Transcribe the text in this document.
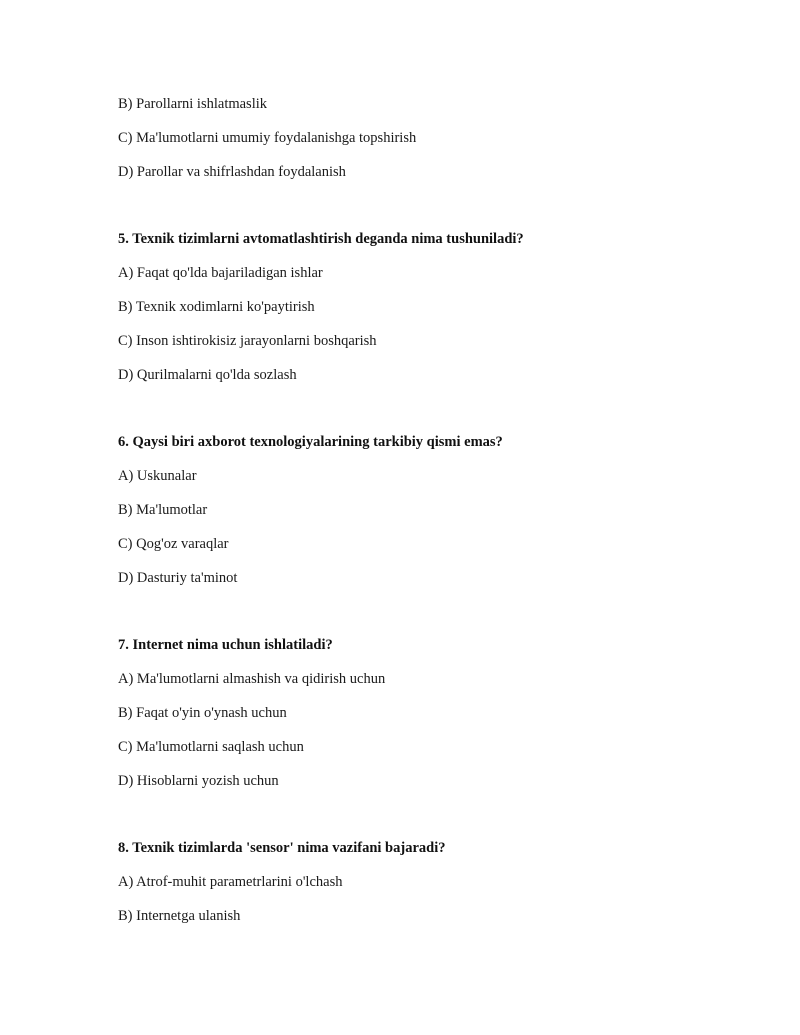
B) Parollarni ishlatmaslik
C) Ma'lumotlarni umumiy foydalanishga topshirish
D) Parollar va shifrlashdan foydalanish
5. Texnik tizimlarni avtomatlashtirish deganda nima tushuniladi?
A) Faqat qo'lda bajariladigan ishlar
B) Texnik xodimlarni ko'paytirish
C) Inson ishtirokisiz jarayonlarni boshqarish
D) Qurilmalarni qo'lda sozlash
6. Qaysi biri axborot texnologiyalarining tarkibiy qismi emas?
A) Uskunalar
B) Ma'lumotlar
C) Qog'oz varaqlar
D) Dasturiy ta'minot
7. Internet nima uchun ishlatiladi?
A) Ma'lumotlarni almashish va qidirish uchun
B) Faqat o'yin o'ynash uchun
C) Ma'lumotlarni saqlash uchun
D) Hisoblarni yozish uchun
8. Texnik tizimlarda 'sensor' nima vazifani bajaradi?
A) Atrof-muhit parametrlarini o'lchash
B) Internetga ulanish
